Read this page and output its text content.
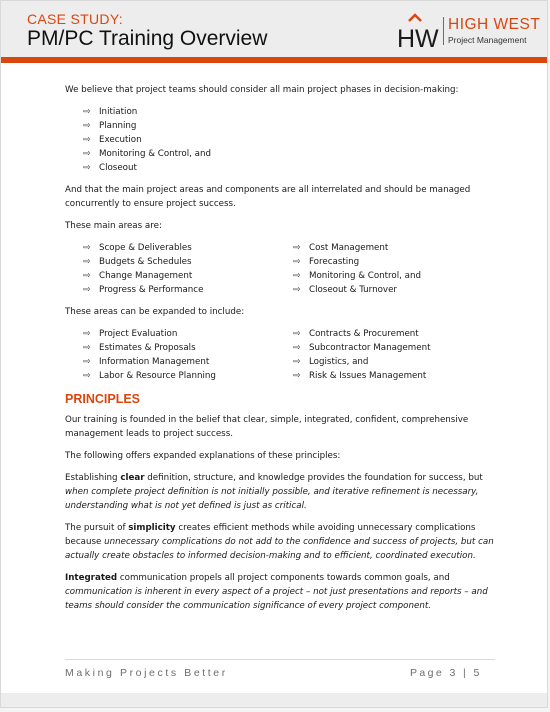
CASE STUDY:
PM/PC Training Overview	HW
HIGH WEST
Project Management

We believe that project teams should consider all main project phases in decision-making:

⇨ Initiation
⇨ Planning
⇨ Execution
⇨ Monitoring & Control, and
⇨ Closeout

And that the main project areas and components are all interrelated and should be managed concurrently to ensure project success.

These main areas are:

⇨ Scope & Deliverables
⇨ Budgets & Schedules
⇨ Change Management
⇨ Progress & Performance
⇨ Cost Management
⇨ Forecasting
⇨ Monitoring & Control, and
⇨ Closeout & Turnover

These areas can be expanded to include:

⇨ Project Evaluation
⇨ Estimates & Proposals
⇨ Information Management
⇨ Labor & Resource Planning
⇨ Contracts & Procurement
⇨ Subcontractor Management
⇨ Logistics, and
⇨ Risk & Issues Management
PRINCIPLES

Our training is founded in the belief that clear, simple, integrated, confident, comprehensive management leads to project success.

The following offers expanded explanations of these principles:

Establishing clear definition, structure, and knowledge provides the foundation for success, but when complete project definition is not initially possible, and iterative refinement is necessary, understanding what is not yet defined is just as critical.

The pursuit of simplicity creates efficient methods while avoiding unnecessary complications because unnecessary complications do not add to the confidence and success of projects, but can actually create obstacles to informed decision-making and to efficient, coordinated execution.

Integrated communication propels all project components towards common goals, and communication is inherent in every aspect of a project – not just presentations and reports – and teams should consider the communication significance of every project component.

Making Projects Better	Page 3 | 5
